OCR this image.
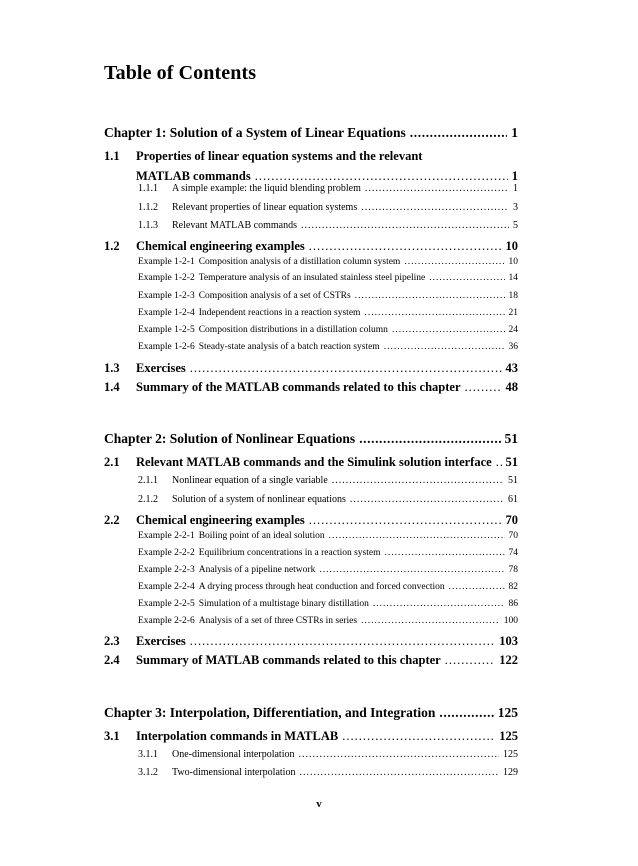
Table of Contents
Chapter 1: Solution of a System of Linear Equations .....	1
1.1	Properties of linear equation systems and the relevant
MATLAB commands .....	1
1.1.1	A simple example: the liquid blending problem .....	1
1.1.2	Relevant properties of linear equation systems .....	3
1.1.3	Relevant MATLAB commands .....	5
1.2	Chemical engineering examples .....	10
Example 1-2-1 Composition analysis of a distillation column system .....	10
Example 1-2-2 Temperature analysis of an insulated stainless steel pipeline .....	14
Example 1-2-3 Composition analysis of a set of CSTRs .....	18
Example 1-2-4 Independent reactions in a reaction system .....	21
Example 1-2-5 Composition distributions in a distillation column .....	24
Example 1-2-6 Steady-state analysis of a batch reaction system .....	36
1.3	Exercises .....	43
1.4	Summary of the MATLAB commands related to this chapter .....	48
Chapter 2: Solution of Nonlinear Equations .....	51
2.1	Relevant MATLAB commands and the Simulink solution interface ..... 51
2.1.1	Nonlinear equation of a single variable .....	51
2.1.2	Solution of a system of nonlinear equations .....	61
2.2	Chemical engineering examples .....	70
Example 2-2-1 Boiling point of an ideal solution .....	70
Example 2-2-2 Equilibrium concentrations in a reaction system .....	74
Example 2-2-3 Analysis of a pipeline network .....	78
Example 2-2-4 A drying process through heat conduction and forced convection .....	82
Example 2-2-5 Simulation of a multistage binary distillation .....	86
Example 2-2-6 Analysis of a set of three CSTRs in series .....	100
2.3	Exercises .....	103
2.4	Summary of MATLAB commands related to this chapter .....	122
Chapter 3: Interpolation, Differentiation, and Integration .....	125
3.1	Interpolation commands in MATLAB .....	125
3.1.1	One-dimensional interpolation .....	125
3.1.2	Two-dimensional interpolation .....	129
v
